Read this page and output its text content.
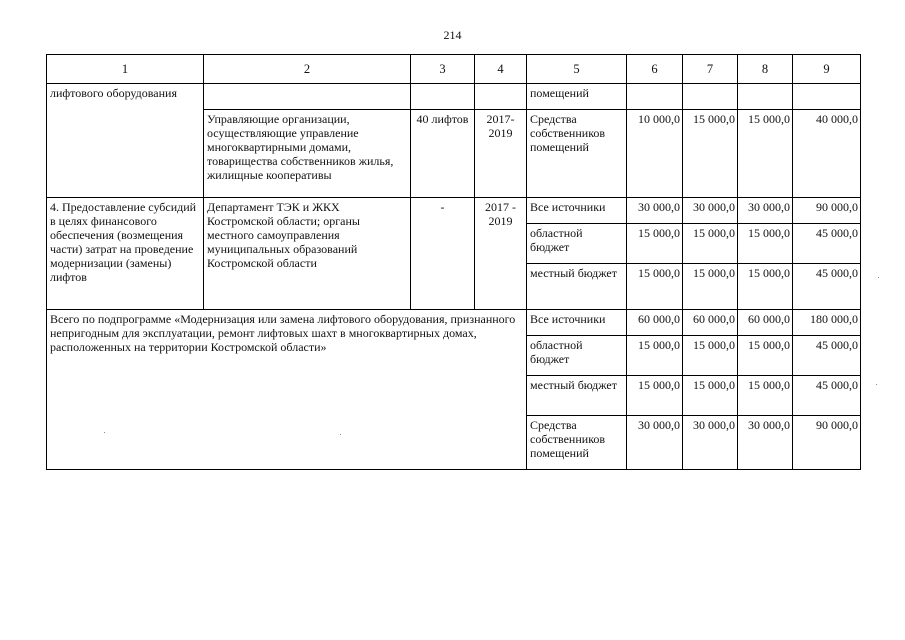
214
1	2	3	4	5	6	7	8	9
лифтового оборудования				помещений				
	Управляющие организации, осуществляющие управление многоквартирными домами, товарищества собственников жилья, жилищные кооперативы	40 лифтов	2017-2019	Средства собственников помещений	10 000,0	15 000,0	15 000,0	40 000,0
4. Предоставление субсидий в целях финансового обеспечения (возмещения части) затрат на проведение модернизации (замены) лифтов	Департамент ТЭК и ЖКХ Костромской области; органы местного самоуправления муниципальных образований Костромской области	-	2017 - 2019	Все источники	30 000,0	30 000,0	30 000,0	90 000,0
				областной бюджет	15 000,0	15 000,0	15 000,0	45 000,0
				местный бюджет	15 000,0	15 000,0	15 000,0	45 000,0
Всего по подпрограмме «Модернизация или замена лифтового оборудования, признанного непригодным для эксплуатации, ремонт лифтовых шахт в многоквартирных домах, расположенных на территории Костромской области»				Все источники	60 000,0	60 000,0	60 000,0	180 000,0
				областной бюджет	15 000,0	15 000,0	15 000,0	45 000,0
				местный бюджет	15 000,0	15 000,0	15 000,0	45 000,0
				Средства собственников помещений	30 000,0	30 000,0	30 000,0	90 000,0
